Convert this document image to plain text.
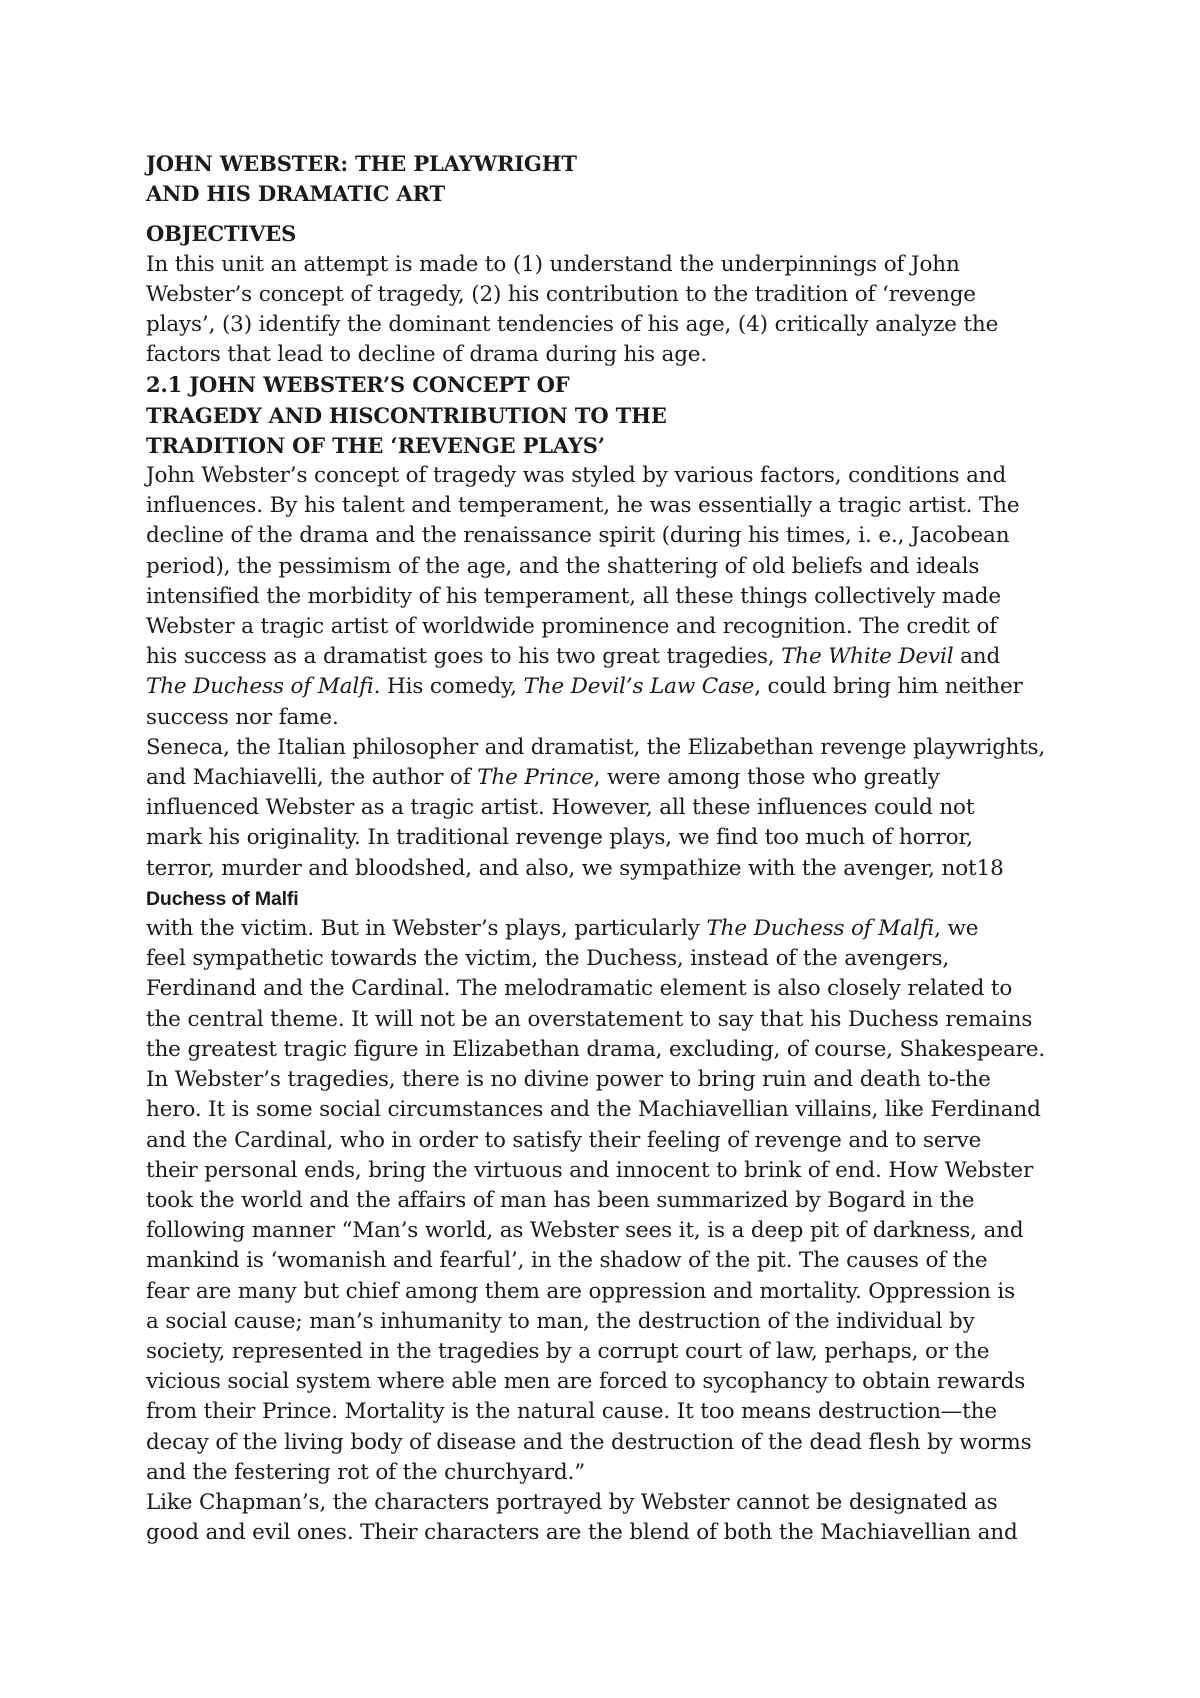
JOHN WEBSTER: THE PLAYWRIGHT
AND HIS DRAMATIC ART
OBJECTIVES
In this unit an attempt is made to (1) understand the underpinnings of John
Webster’s concept of tragedy, (2) his contribution to the tradition of ‘revenge
plays’, (3) identify the dominant tendencies of his age, (4) critically analyze the
factors that lead to decline of drama during his age.
2.1 JOHN WEBSTER’S CONCEPT OF
TRAGEDY AND HISCONTRIBUTION TO THE
TRADITION OF THE ‘REVENGE PLAYS’
John Webster’s concept of tragedy was styled by various factors, conditions and
influences. By his talent and temperament, he was essentially a tragic artist. The
decline of the drama and the renaissance spirit (during his times, i. e., Jacobean
period), the pessimism of the age, and the shattering of old beliefs and ideals
intensified the morbidity of his temperament, all these things collectively made
Webster a tragic artist of worldwide prominence and recognition. The credit of
his success as a dramatist goes to his two great tragedies, The White Devil and
The Duchess of Malfi. His comedy, The Devil’s Law Case, could bring him neither
success nor fame.
Seneca, the Italian philosopher and dramatist, the Elizabethan revenge playwrights,
and Machiavelli, the author of The Prince, were among those who greatly
influenced Webster as a tragic artist. However, all these influences could not
mark his originality. In traditional revenge plays, we find too much of horror,
terror, murder and bloodshed, and also, we sympathize with the avenger, not18
Duchess of Malfi
with the victim. But in Webster’s plays, particularly The Duchess of Malfi, we
feel sympathetic towards the victim, the Duchess, instead of the avengers,
Ferdinand and the Cardinal. The melodramatic element is also closely related to
the central theme. It will not be an overstatement to say that his Duchess remains
the greatest tragic figure in Elizabethan drama, excluding, of course, Shakespeare.
In Webster’s tragedies, there is no divine power to bring ruin and death to-the
hero. It is some social circumstances and the Machiavellian villains, like Ferdinand
and the Cardinal, who in order to satisfy their feeling of revenge and to serve
their personal ends, bring the virtuous and innocent to brink of end. How Webster
took the world and the affairs of man has been summarized by Bogard in the
following manner “Man’s world, as Webster sees it, is a deep pit of darkness, and
mankind is ‘womanish and fearful’, in the shadow of the pit. The causes of the
fear are many but chief among them are oppression and mortality. Oppression is
a social cause; man’s inhumanity to man, the destruction of the individual by
society, represented in the tragedies by a corrupt court of law, perhaps, or the
vicious social system where able men are forced to sycophancy to obtain rewards
from their Prince. Mortality is the natural cause. It too means destruction—the
decay of the living body of disease and the destruction of the dead flesh by worms
and the festering rot of the churchyard.”
Like Chapman’s, the characters portrayed by Webster cannot be designated as
good and evil ones. Their characters are the blend of both the Machiavellian and
